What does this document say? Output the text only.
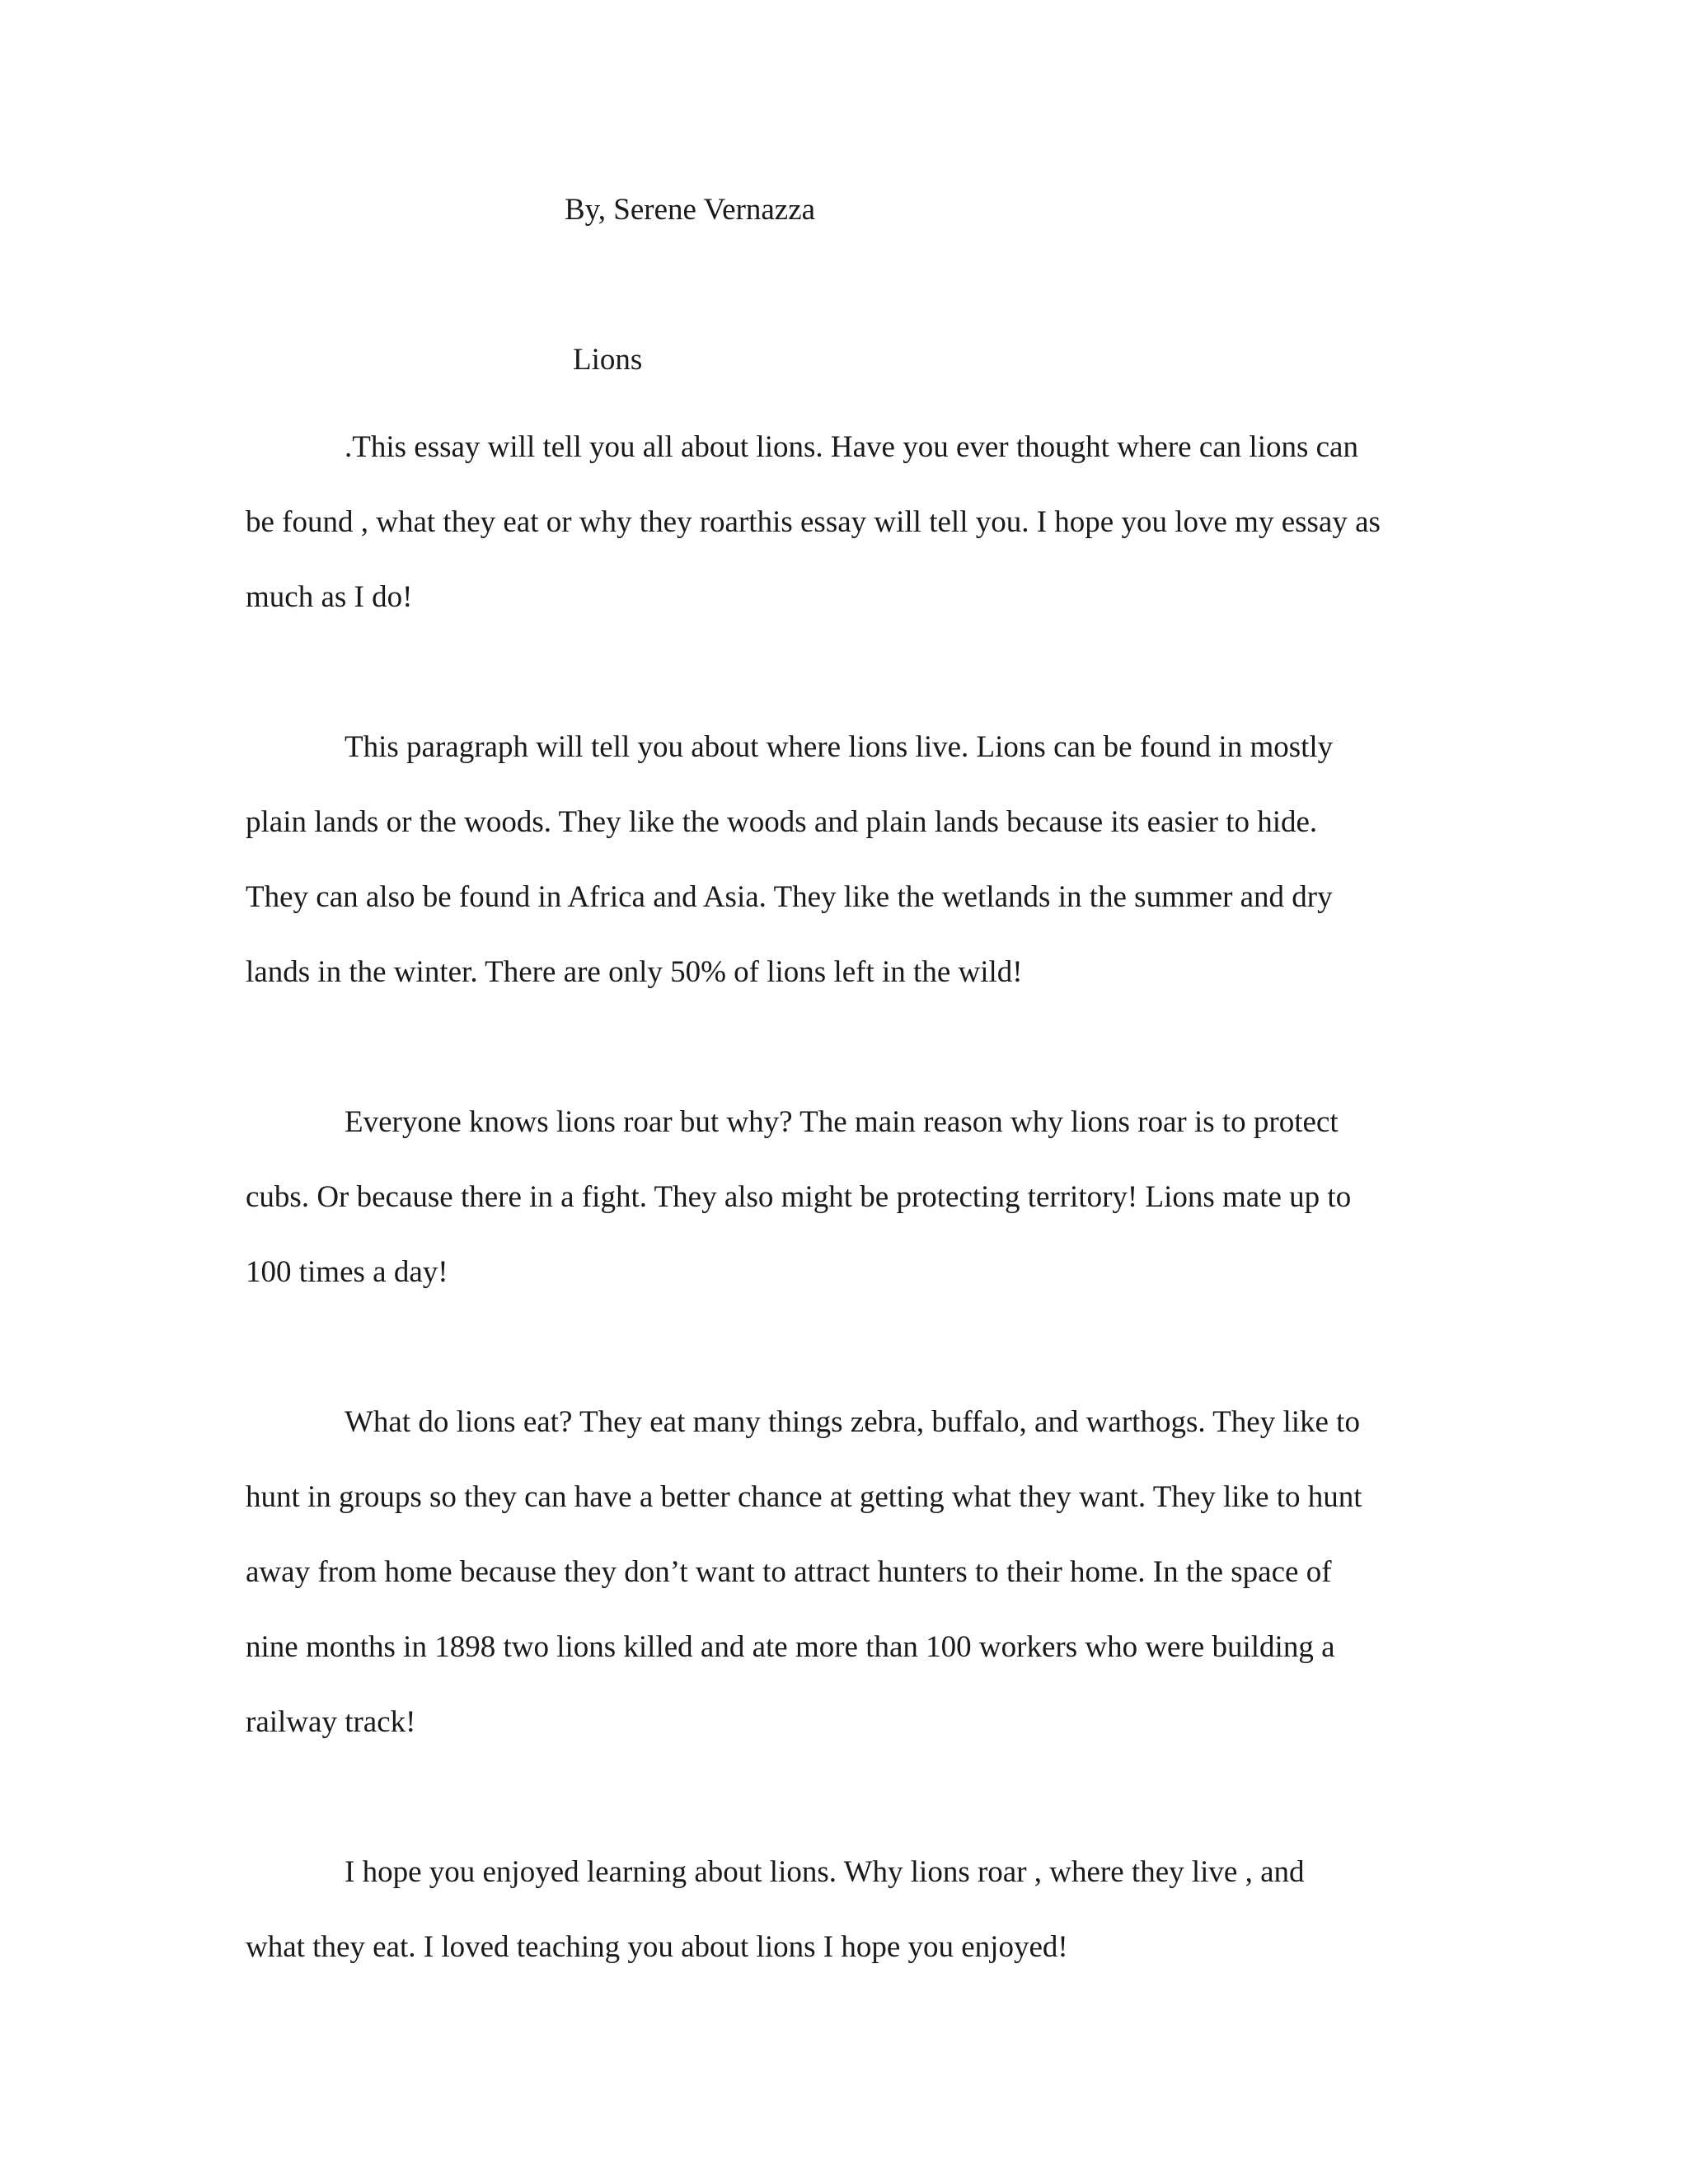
By, Serene Vernazza
Lions

.This essay will tell you all about lions. Have you ever thought where can lions can
be found , what they eat or why they roarthis essay will tell you. I hope you love my essay as
much as I do!

This paragraph will tell you about where lions live. Lions can be found in mostly
plain lands or the woods. They like the woods and plain lands because its easier to hide.
They can also be found in Africa and Asia. They like the wetlands in the summer and dry
lands in the winter. There are only 50% of lions left in the wild!

Everyone knows lions roar but why? The main reason why lions roar is to protect
cubs. Or because there in a fight. They also might be protecting territory! Lions mate up to
100 times a day!

What do lions eat? They eat many things zebra, buffalo, and warthogs. They like to
hunt in groups so they can have a better chance at getting what they want. They like to hunt
away from home because they don’t want to attract hunters to their home. In the space of
nine months in 1898 two lions killed and ate more than 100 workers who were building a
railway track!

I hope you enjoyed learning about lions. Why lions roar , where they live , and
what they eat. I loved teaching you about lions I hope you enjoyed!
